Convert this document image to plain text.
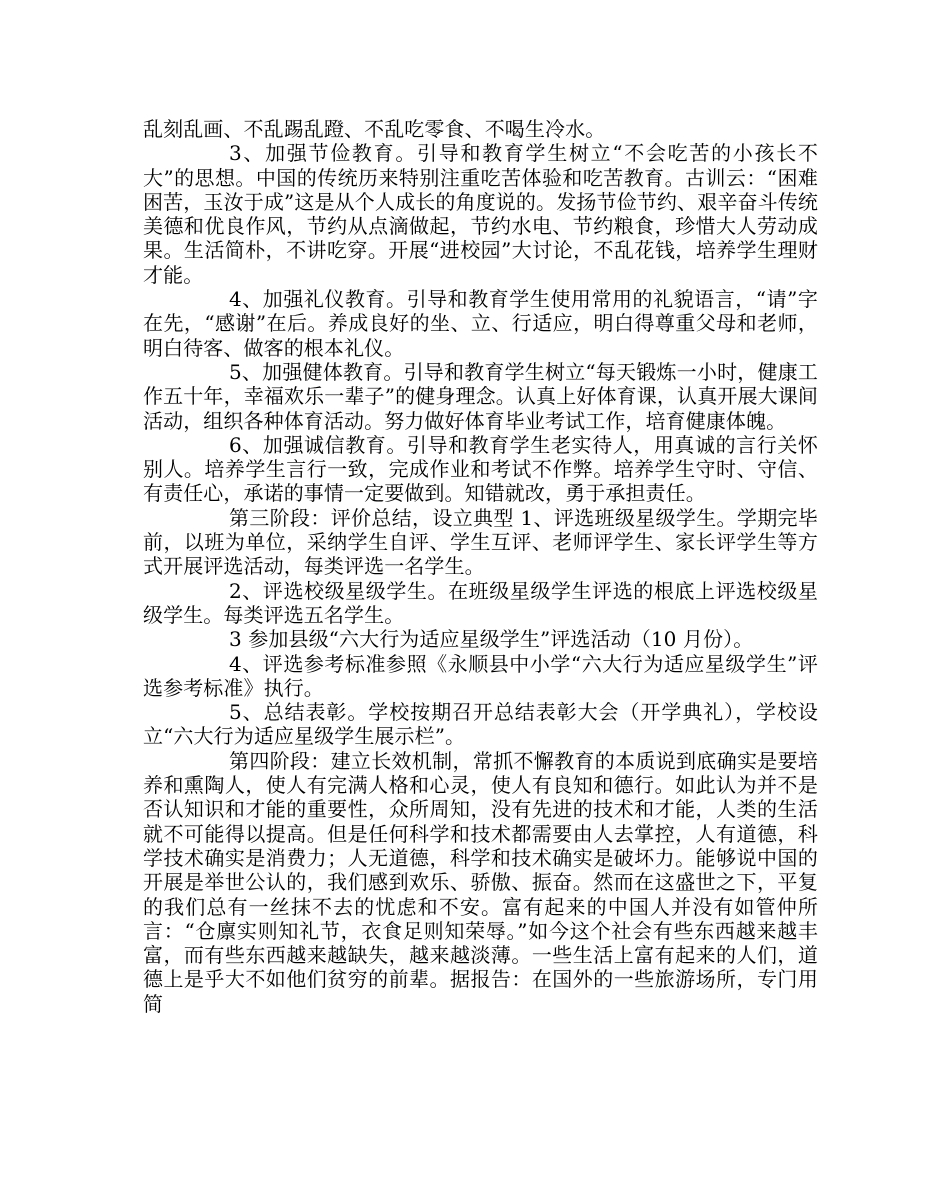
乱刻乱画、不乱踢乱蹬、不乱吃零食、不喝生冷水。

3、加强节俭教育。引导和教育学生树立“不会吃苦的小孩长不大”的思想。中国的传统历来特别注重吃苦体验和吃苦教育。古训云：“困难困苦，玉汝于成”这是从个人成长的角度说的。发扬节俭节约、艰辛奋斗传统美德和优良作风，节约从点滴做起，节约水电、节约粮食，珍惜大人劳动成果。生活简朴，不讲吃穿。开展“进校园”大讨论，不乱花钱，培养学生理财才能。

4、加强礼仪教育。引导和教育学生使用常用的礼貌语言，“请”字在先，“感谢”在后。养成良好的坐、立、行适应，明白得尊重父母和老师，明白待客、做客的根本礼仪。

5、加强健体教育。引导和教育学生树立“每天锻炼一小时，健康工作五十年，幸福欢乐一辈子”的健身理念。认真上好体育课，认真开展大课间活动，组织各种体育活动。努力做好体育毕业考试工作，培育健康体魄。

6、加强诚信教育。引导和教育学生老实待人，用真诚的言行关怀别人。培养学生言行一致，完成作业和考试不作弊。培养学生守时、守信、有责任心，承诺的事情一定要做到。知错就改，勇于承担责任。

第三阶段：评价总结，设立典型 1、评选班级星级学生。学期完毕前，以班为单位，采纳学生自评、学生互评、老师评学生、家长评学生等方式开展评选活动，每类评选一名学生。

2、评选校级星级学生。在班级星级学生评选的根底上评选校级星级学生。每类评选五名学生。

3 参加县级“六大行为适应星级学生”评选活动（10 月份）。

4、评选参考标准参照《永顺县中小学“六大行为适应星级学生”评选参考标准》执行。

5、总结表彰。学校按期召开总结表彰大会（开学典礼），学校设立“六大行为适应星级学生展示栏”。

第四阶段：建立长效机制，常抓不懈教育的本质说到底确实是要培养和熏陶人，使人有完满人格和心灵，使人有良知和德行。如此认为并不是否认知识和才能的重要性，众所周知，没有先进的技术和才能，人类的生活就不可能得以提高。但是任何科学和技术都需要由人去掌控，人有道德，科学技术确实是消费力；人无道德，科学和技术确实是破坏力。能够说中国的开展是举世公认的，我们感到欢乐、骄傲、振奋。然而在这盛世之下，平复的我们总有一丝抹不去的忧虑和不安。富有起来的中国人并没有如管仲所言：“仓廪实则知礼节，衣食足则知荣辱。”如今这个社会有些东西越来越丰富，而有些东西越来越缺失，越来越淡薄。一些生活上富有起来的人们，道德上是乎大不如他们贫穷的前辈。据报告：在国外的一些旅游场所，专门用简
